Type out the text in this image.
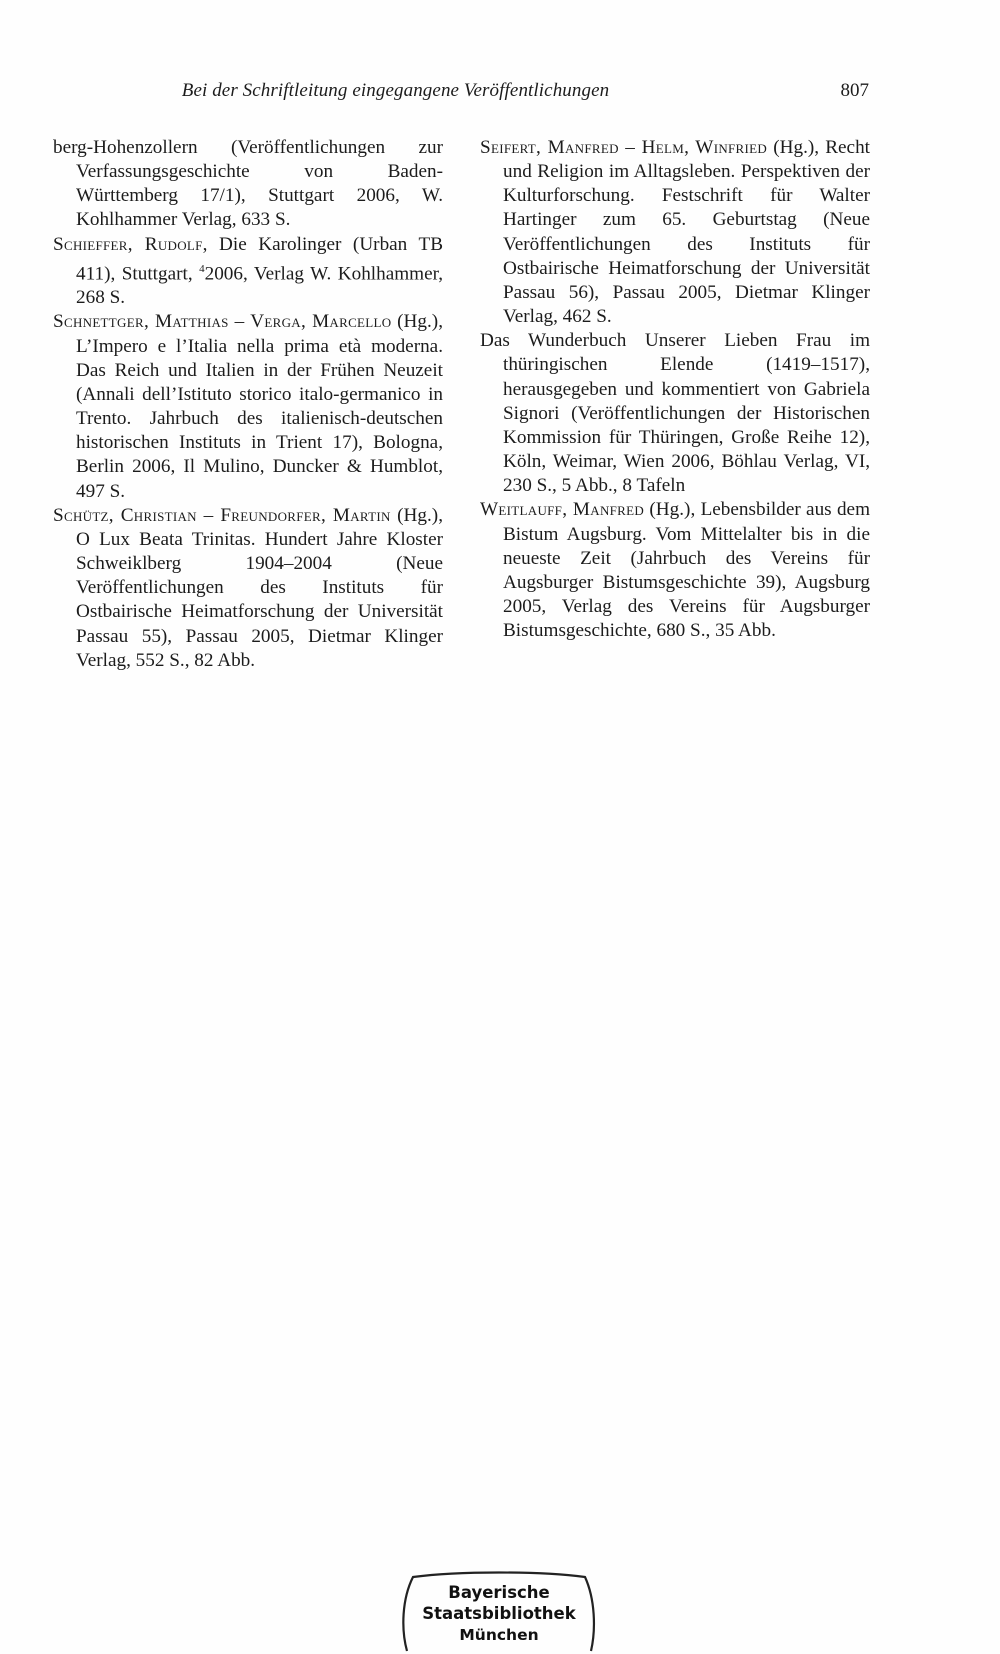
Bei der Schriftleitung eingegangene Veröffentlichungen	807

berg-Hohenzollern (Veröffentlichungen zur Verfassungsgeschichte von Baden-Württemberg 17/1), Stuttgart 2006, W. Kohlhammer Verlag, 633 S.

Schieffer, Rudolf, Die Karolinger (Urban TB 411), Stuttgart, $^4$2006, Verlag W. Kohlhammer, 268 S.

Schnettger, Matthias – Verga, Marcello (Hg.), L’Impero e l’Italia nella prima età moderna. Das Reich und Italien in der Frühen Neuzeit (Annali dell’Istituto storico italo-germanico in Trento. Jahrbuch des italienisch-deutschen historischen Instituts in Trient 17), Bologna, Berlin 2006, Il Mulino, Duncker & Humblot, 497 S.

Schütz, Christian – Freundorfer, Martin (Hg.), O Lux Beata Trinitas. Hundert Jahre Kloster Schweiklberg 1904–2004 (Neue Veröffentlichungen des Instituts für Ostbairische Heimatforschung der Universität Passau 55), Passau 2005, Dietmar Klinger Verlag, 552 S., 82 Abb.

Seifert, Manfred – Helm, Winfried (Hg.), Recht und Religion im Alltagsleben. Perspektiven der Kulturforschung. Festschrift für Walter Hartinger zum 65. Geburtstag (Neue Veröffentlichungen des Instituts für Ostbairische Heimatforschung der Universität Passau 56), Passau 2005, Dietmar Klinger Verlag, 462 S.

Das Wunderbuch Unserer Lieben Frau im thüringischen Elende (1419–1517), herausgegeben und kommentiert von Gabriela Signori (Veröffentlichungen der Historischen Kommission für Thüringen, Große Reihe 12), Köln, Weimar, Wien 2006, Böhlau Verlag, VI, 230 S., 5 Abb., 8 Tafeln

Weitlauff, Manfred (Hg.), Lebensbilder aus dem Bistum Augsburg. Vom Mittelalter bis in die neueste Zeit (Jahrbuch des Vereins für Augsburger Bistumsgeschichte 39), Augsburg 2005, Verlag des Vereins für Augsburger Bistumsgeschichte, 680 S., 35 Abb.

Bayerische
Staatsbibliothek
München
